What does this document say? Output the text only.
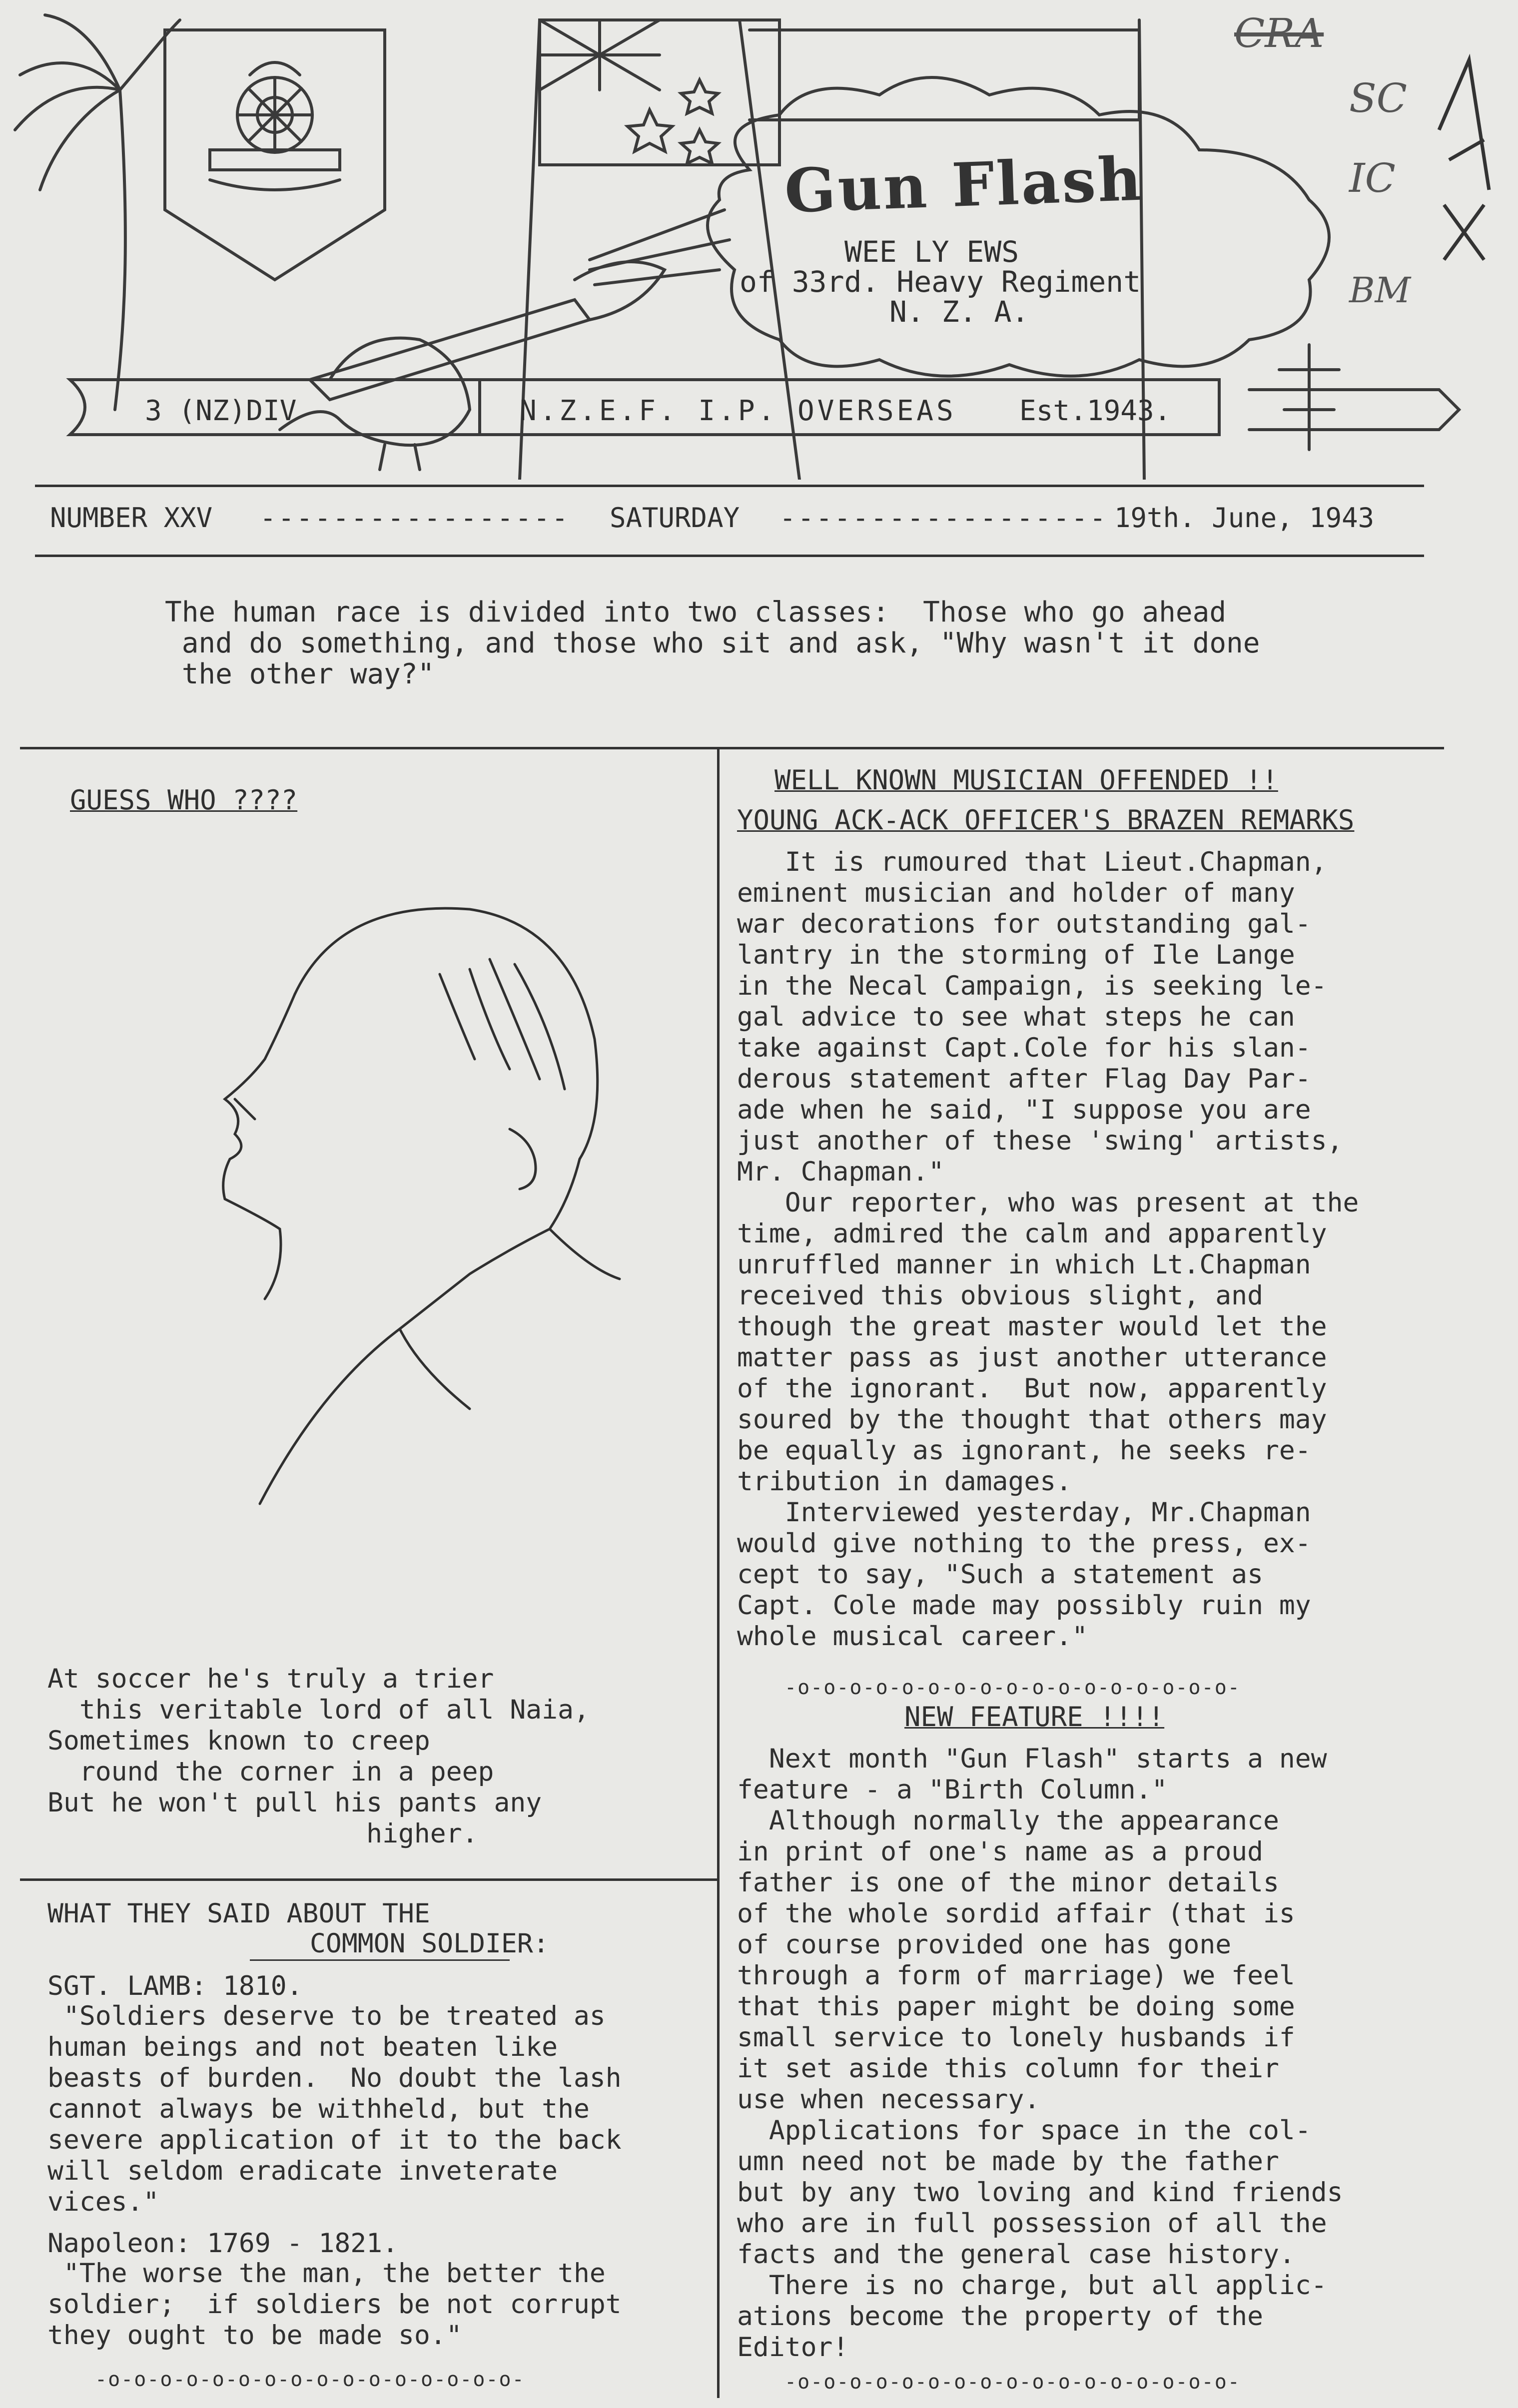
Gun Flash
WEE LY EWS
of 33rd. Heavy Regiment
N. Z. A.
3 (NZ)DIV	N.Z.E.F. I.P. OVERSEAS Est.1943.
CRA
SC
IC
BM
NUMBER XXV ----------------- SATURDAY ------------------ 19th. June, 1943
The human race is divided into two classes:  Those who go ahead
and do something, and those who sit and ask, "Why wasn't it done
the other way?"
GUESS WHO ????
At soccer he's truly a trier
this veritable lord of all Naia,
Sometimes known to creep
round the corner in a peep
But he won't pull his pants any
higher.
WHAT THEY SAID ABOUT THE
COMMON SOLDIER:
SGT. LAMB: 1810.
"Soldiers deserve to be treated as
human beings and not beaten like
beasts of burden.  No doubt the lash
cannot always be withheld, but the
severe application of it to the back
will seldom eradicate inveterate
vices."
Napoleon: 1769 - 1821.
"The worse the man, the better the
soldier;  if soldiers be not corrupt
they ought to be made so."
-o-o-o-o-o-o-o-o-o-o-o-o-o-o-o-o-
WELL KNOWN MUSICIAN OFFENDED !!
YOUNG ACK-ACK OFFICER'S BRAZEN REMARKS
It is rumoured that Lieut.Chapman,
eminent musician and holder of many
war decorations for outstanding gal-
lantry in the storming of Ile Lange
in the Necal Campaign, is seeking le-
gal advice to see what steps he can
take against Capt.Cole for his slan-
derous statement after Flag Day Par-
ade when he said, "I suppose you are
just another of these 'swing' artists,
Mr. Chapman."
Our reporter, who was present at the
time, admired the calm and apparently
unruffled manner in which Lt.Chapman
received this obvious slight, and
though the great master would let the
matter pass as just another utterance
of the ignorant.  But now, apparently
soured by the thought that others may
be equally as ignorant, he seeks re-
tribution in damages.
Interviewed yesterday, Mr.Chapman
would give nothing to the press, ex-
cept to say, "Such a statement as
Capt. Cole made may possibly ruin my
whole musical career."
-o-o-o-o-o-o-o-o-o-o-o-o-o-o-o-o-o-
NEW FEATURE !!!!
Next month "Gun Flash" starts a new
feature - a "Birth Column."
Although normally the appearance
in print of one's name as a proud
father is one of the minor details
of the whole sordid affair (that is
of course provided one has gone
through a form of marriage) we feel
that this paper might be doing some
small service to lonely husbands if
it set aside this column for their
use when necessary.
Applications for space in the col-
umn need not be made by the father
but by any two loving and kind friends
who are in full possession of all the
facts and the general case history.
There is no charge, but all applic-
ations become the property of the
Editor!
-o-o-o-o-o-o-o-o-o-o-o-o-o-o-o-o-o-
